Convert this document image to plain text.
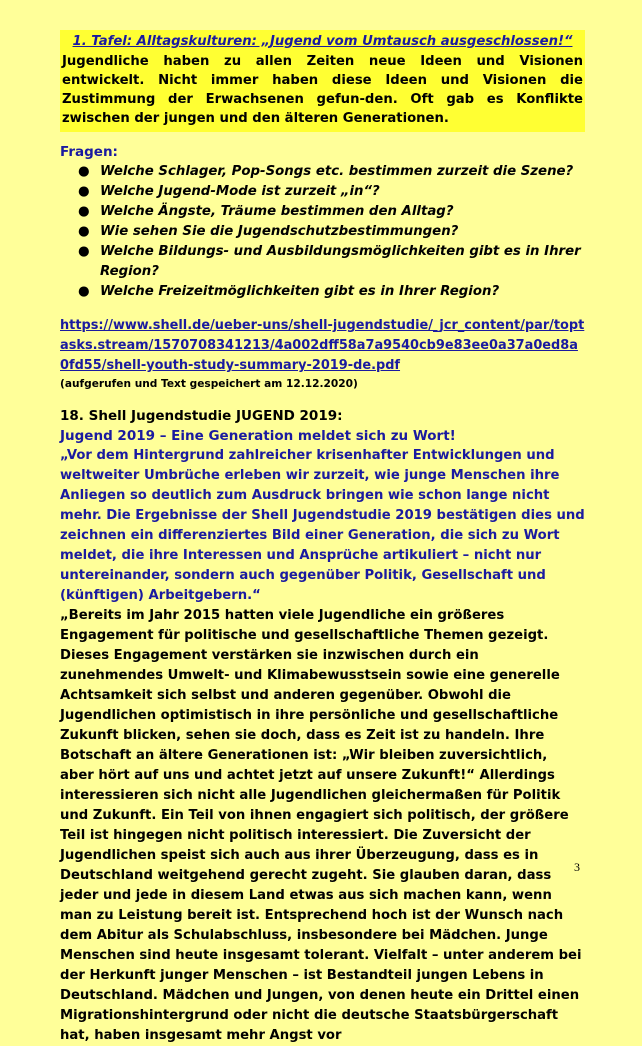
1. Tafel: Alltagskulturen: „Jugend vom Umtausch ausgeschlossen!“

Jugendliche haben zu allen Zeiten neue Ideen und Visionen entwickelt. Nicht immer haben diese Ideen und Visionen die Zustimmung der Erwachsenen gefun-den. Oft gab es Konflikte zwischen der jungen und den älteren Generationen.

Fragen:

● Welche Schlager, Pop-Songs etc. bestimmen zurzeit die Szene?
● Welche Jugend-Mode ist zurzeit „in“?
● Welche Ängste, Träume bestimmen den Alltag?
● Wie sehen Sie die Jugendschutzbestimmungen?
● Welche Bildungs- und Ausbildungsmöglichkeiten gibt es in Ihrer Region?
● Welche Freizeitmöglichkeiten gibt es in Ihrer Region?

https://www.shell.de/ueber-uns/shell-jugendstudie/_jcr_content/par/toptasks.stream/1570708341213/4a002dff58a7a9540cb9e83ee0a37a0ed8a0fd55/shell-youth-study-summary-2019-de.pdf

(aufgerufen und Text gespeichert am 12.12.2020)

18. Shell Jugendstudie JUGEND 2019:

Jugend 2019 – Eine Generation meldet sich zu Wort!

„Vor dem Hintergrund zahlreicher krisenhafter Entwicklungen und weltweiter Umbrüche erleben wir zurzeit, wie junge Menschen ihre Anliegen so deutlich zum Ausdruck bringen wie schon lange nicht mehr. Die Ergebnisse der Shell Jugendstudie 2019 bestätigen dies und zeichnen ein differenziertes Bild einer Generation, die sich zu Wort meldet, die ihre Interessen und Ansprüche artikuliert – nicht nur untereinander, sondern auch gegenüber Politik, Gesellschaft und (künftigen) Arbeitgebern.“

„Bereits im Jahr 2015 hatten viele Jugendliche ein größeres Engagement für politische und gesellschaftliche Themen gezeigt. Dieses Engagement verstärken sie inzwischen durch ein zunehmendes Umwelt- und Klimabewusstsein sowie eine generelle Achtsamkeit sich selbst und anderen gegenüber. Obwohl die Jugendlichen optimistisch in ihre persönliche und gesellschaftliche Zukunft blicken, sehen sie doch, dass es Zeit ist zu handeln. Ihre Botschaft an ältere Generationen ist: „Wir bleiben zuversichtlich, aber hört auf uns und achtet jetzt auf unsere Zukunft!“ Allerdings interessieren sich nicht alle Jugendlichen gleichermaßen für Politik und Zukunft. Ein Teil von ihnen engagiert sich politisch, der größere Teil ist hingegen nicht politisch interessiert. Die Zuversicht der Jugendlichen speist sich auch aus ihrer Überzeugung, dass es in Deutschland weitgehend gerecht zugeht. Sie glauben daran, dass jeder und jede in diesem Land etwas aus sich machen kann, wenn man zu Leistung bereit ist. Entsprechend hoch ist der Wunsch nach dem Abitur als Schulabschluss, insbesondere bei Mädchen. Junge Menschen sind heute insgesamt tolerant. Vielfalt – unter anderem bei der Herkunft junger Menschen – ist Bestandteil jungen Lebens in Deutschland. Mädchen und Jungen, von denen heute ein Drittel einen Migrationshintergrund oder nicht die deutsche Staatsbürgerschaft hat, haben insgesamt mehr Angst vor

3
